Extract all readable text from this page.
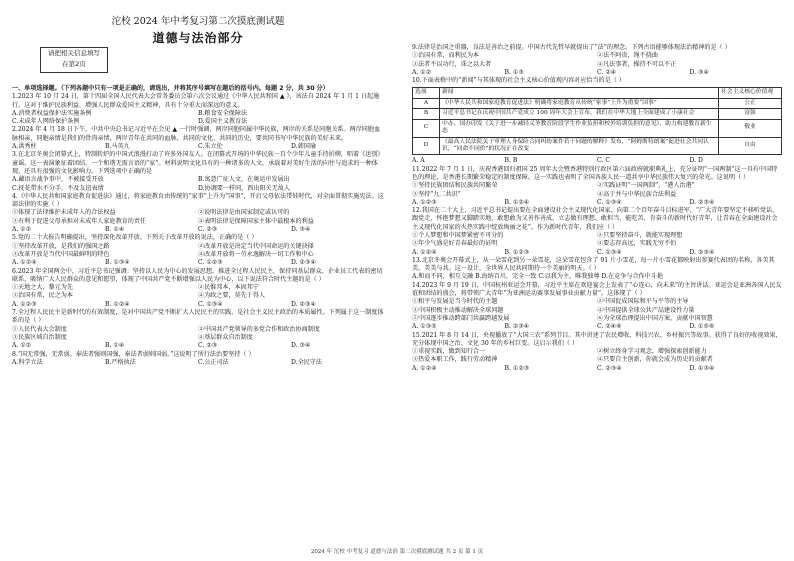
请把相关信息填写
在第2页
沱校 2024 年中考复习第二次摸底测试题
道德与法治部分

一、单项选择题。（下列各题中只有一项是正确的，请选出，并将其序号填写在题后的括号内。每题 2 分，共 30 分）

1.2023 年 10 月 24 日，第十四届全国人民代表大会常务委员会第六次会议通过《中华人民共和国 ▲ 》，该法自 2024 年 1 月 1 日起施行。这对于维护民族利益，增强人民群众爱国主义精神，具有十分重大而深远的意义。

A.消费者权益保护法实施条例	B.粮食安全保障法
C.未成年人网络保护条例	D.爱国主义教育法

2.2024 年 4 月 18 日下午，中共中央总书记习近平在会见 ▲ 一行时强调，两岸同胞同属中华民族，两岸的关系是同胞关系。两岸同胞血脉相亲，同胞亲情是我们的骨肉亲情，两岸青年在共同的血脉、共同的文化、共同的历史，要共同书写中华民族的美好未来。

A.洪秀柱	B.马英九	C.朱立伦	D.韩国瑜

3.在北京冬奥会闭幕式上，特制转炉的中国式浪漫打动了许多外国友人。在闭幕式开场的中华民族一百个少年儿童手持折柳，唱着《送别》童谣。这一表演象征着团结，一个和谐无需言语的“家”。材料说明文化具有的一种诸多的人文，承载着对美好生活的向往与追求的一种体现，还具有很强的文化影响力。下列选项中正确的是

A.藏语言战争事中，不被接受开放	B.寓意广征人文，在奥运中发展出
C.抚花带水不分手，不及友谊表情	D.协调要一样同，西出阳关无故人

4.《中华人民共和国家庭教育促进法》通过，将家庭教育由传统的“家事”上升为“国事”，开启父母依法带娃时代，对全面贯彻实施宪法。这部法律的实施（ ）

①体现了法律维护未成年人的合法权益	②说明法律是由国家制定或认可的
③有利于促进父母承担对未成年人家庭教育的责任	④表明法律是保障国家主体中最根本的利益
A. ①②	B. ①④	C. ②③	D. ③④

5.党的二十大报告明确提出，坚持深化改革开放。下列关于改革开放的说法，正确的是（ ）

①坚持改革开放，是我们的强国之路	②改革开放是决定当代中国命运的关键抉择
③改革开放是当代中国最鲜明的特色	④改革开放将一劳永逸解决一切工作和中心
A. ①②④	B. ①③④	C. ①②③	D. ②③④

6.2023 年全国两会中，习近平总书记强调：坚持以人民为中心的发展思想，推进全过程人民民主，保持同基层群众、企业员工代表的密切联系，吸纳广大人民群众的意见和愿望，体现了中国共产党不断增强以人民为中心，以下说法符合时代主题的是（ ）

①天地之大，黎元为先	②民惟邦本，本固邦宁
③治国有常，民之为本	④为政之要，莫先于得人
A. ①②③	B. ①②④	C. ①③④	D. ②③④

7.全过程人民民主是新时代的有效制度，是对中国共产党不断扩大人民民主的实践，是社会主义民主政治的本质属性。下列属于这一制度体系的是（ ）

①人民代表大会制度	②中国共产党领导的多党合作和政治协商制度
③民族区域自治制度	④基层群众自治制度
A. ①②	B. ①④	C. ②③	D. ③④

8.“国无常强，无常弱。奉法者强则国强，奉法者弱则国弱。”这说明了所行法治要坚持（ ）

A.科学立法	B.严格执法	C.公正司法	D.全民守法

9.法律是治国之重器，良法是善治之前提。中国古代先哲早就提出了“法”的理念。下列古语能够体现法治精神的是（ ）

①治国有常，而利民为本	②法不阿贵，绳不挠曲
③法者不以功行，诛之以大者	④凡法事者，操持不可以不正
A. ①②	B. ①③	C. ②④	D. ③④

10.下面表格中的“新闻”与其体现的社会主义核心价值观内容对应恰当的是（ ）

选项	新闻	社会主义核心价值观
A	《中华人民共和国家庭教育促进法》明确将家庭教育从传统“家事”上升为重要“国事”	公正
B	习近平总书记在庆祝中国共产党成立 100 周年大会上宣布，我们在中华大地上全面建成了小康社会	富强
C	中办、国办印发《关于进一步减轻义务教育阶段学生作业负担和校外培训负担的意见》，助力构建教育新生态	敬业
D	《最高人民法院关于审理人身保险合同纠纷案件若干问题的解释》发布，“阿姆斯特朗案”促进社会共同认识，“同命不同价”的状况正在改变	自由
A. A	B. B	C. C	D. D

11.2022 年 7 月 1 日，庆祝香港回归祖国 25 周年大会暨香港特别行政区第六届政府就职典礼上，充分证明“一国两制”这一具有中国特色的理论，是香港长期繁荣稳定的制度保障。这一实践也表明了全国各族人民一道共享中华民族伟大复兴的荣光。这说明（ ）

①坚持民族团结和民族共同繁荣	②实践证明“一国两制”，“港人治港”
③坚持“九二共识”	④高于并与中华民族合法利益
A. ①②③	B. ①②④	C. ①③④	D. ②③④

12.我国在二十大上，习近平总书记提出要在全面建设社会主义现代化国家、向第二个百年奋斗目标进军，“广大青年要坚定不移听党话、跟党走，怀抱梦想又脚踏实地，敢想敢为又善作善成，立志做有理想、敢担当、能吃苦、肯奋斗的新时代好青年，让青春在全面建设社会主义现代化国家的火热实践中绽放绚丽之花”。作为新时代青年，我们应（ ）

①个人梦想和中国梦紧密不可分的	②只要坚持奋斗，就能实现理想
③年少气盛是好青春最好的证明	④要志存高远，实践无穷不怕
A. ①②④	B. ①②③	C. ①③④	D. ②③④

13.北京冬奥会开幕式上，从一朵雪花到另一朵雪花，这朵雪花包含了 91 片小雪花，每一片小雪花都映射出参赛代表团的名称，各美其美，美美与共。这一设计，全世界人民共同期待一个美丽的明天。（ ）

A.和而不同，相互交融 B.海纳百川，完全一致 C.以我为主，唯我独尊 D.在竞争与合作中斗艳

14.2023 年 9 月 19 日，中国杭州亚运会开幕，习近平主席在欢迎宴会上发表了“心连心，向未来”的主旨讲话。亚运会是亚洲各国人民友谊和团结的盛会，将带领广大青年“为亚洲运动赛事发展事业贡献力量”。这体现了（ ）

①和平与发展是当今时代的主题	②中国促成国际和平与平等的主导
③中国积极主动推动解决全球问题	④中国提供全球公共产品建设性力量
⑤中国逐步推动跨部门共赢跨越发展	⑥为全球治理提出中国方案，贡献中国智慧
A. ①③⑤	B. ②③④	C. ②④⑥	D. ①⑤⑥

15.2021 年 8 月 14 日，央视播放了“大国三农”系列节目。其中讲述了农民增收、科技兴农、乡村振兴等故事。获得了良好的收视效果，充分体现中国之治、文化 30 年的乡村巨变。这启示我们（ ）

①重视实践，做到知行合一	②树立终身学习观念，增强探索创新能力
③热爱本职工作，践行劳动精神	④只要自主创新，你就会成为历史的贡献者
A. ①②④	B. ①②③	C. ②③④	D. ①③④
2024 年 沱校 中考复习 道德与法治 第二次摸底测试题 共 2 页 第 1 页
